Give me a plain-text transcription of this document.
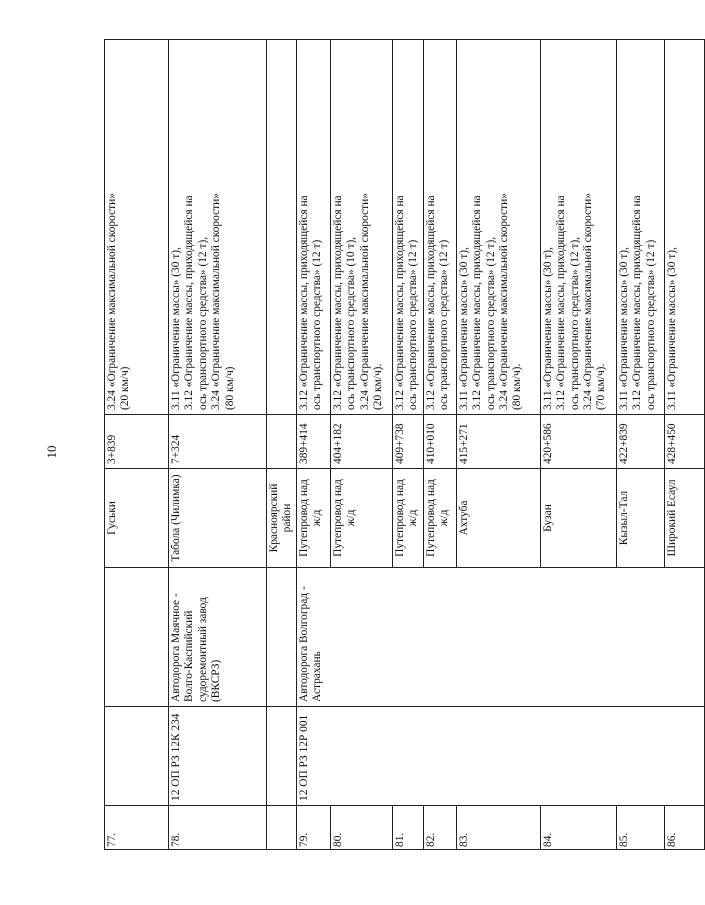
10
77.			Гуськи	3+839	3.24 «Ограничение максимальной скорости» (20 км/ч)

78.	12 ОП РЗ 12К 234	Автодорога Маячное - Волго-Каспийский судоремонтный завод (ВКСРЗ)	Табола (Чилимка)	7+324	3.11 «Ограничение массы» (30 т), 3.12 «Ограничение массы, приходящейся на ось транспортного средства» (12 т), 3.24 «Ограничение максимальной скорости» (80 км/ч)

			Красноярский район		
79.	12 ОП РЗ 12Р 001	Автодорога Волгоград - Астрахань	Путепровод над ж/д	389+414	3.12 «Ограничение массы, приходящейся на ось транспортного средства» (12 т)

80.			Путепровод над ж/д	404+182	3.12 «Ограничение массы, приходящейся на ось транспортного средства» (10 т), 3.24 «Ограничение максимальной скорости» (20 км/ч).

81.			Путепровод над ж/д	409+738	3.12 «Ограничение массы, приходящейся на ось транспортного средства» (12 т)

82.			Путепровод над ж/д	410+010	3.12 «Ограничение массы, приходящейся на ось транспортного средства» (12 т)

83.			Ахтуба	415+271	3.11 «Ограничение массы» (30 т), 3.12 «Ограничение массы, приходящейся на ось транспортного средства» (12 т), 3.24 «Ограничение максимальной скорости» (80 км/ч).

84.			Бузан	420+586	3.11 «Ограничение массы» (30 т), 3.12 «Ограничение массы, приходящейся на ось транспортного средства» (12 т), 3.24 «Ограничение максимальной скорости» (70 км/ч).

85.			Кызыл-Тал	422+839	3.11 «Ограничение массы» (30 т), 3.12 «Ограничение массы, приходящейся на ось транспортного средства» (12 т)

86.			Широкий Есаул	428+450	3.11 «Ограничение массы» (30 т),
